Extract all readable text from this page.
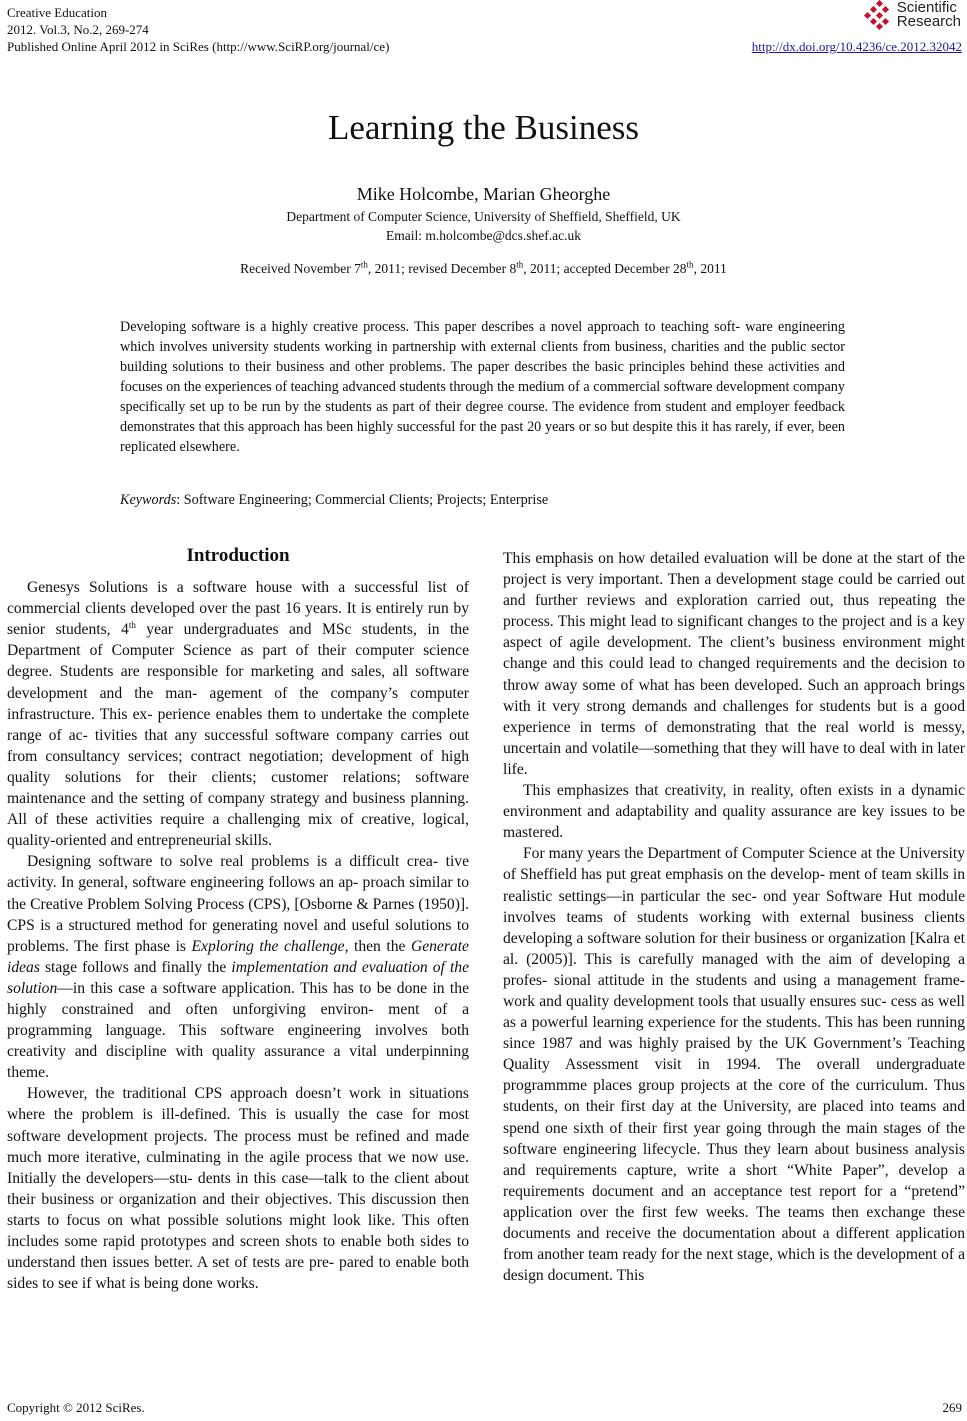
Creative Education
2012. Vol.3, No.2, 269-274
Published Online April 2012 in SciRes (http://www.SciRP.org/journal/ce)	http://dx.doi.org/10.4236/ce.2012.32042
Scientific
Research
Learning the Business
Mike Holcombe, Marian Gheorghe
Department of Computer Science, University of Sheffield, Sheffield, UK
Email: m.holcombe@dcs.shef.ac.uk
Received November 7th, 2011; revised December 8th, 2011; accepted December 28th, 2011
Developing software is a highly creative process. This paper describes a novel approach to teaching soft- ware engineering which involves university students working in partnership with external clients from business, charities and the public sector building solutions to their business and other problems. The paper describes the basic principles behind these activities and focuses on the experiences of teaching advanced students through the medium of a commercial software development company specifically set up to be run by the students as part of their degree course. The evidence from student and employer feedback demonstrates that this approach has been highly successful for the past 20 years or so but despite this it has rarely, if ever, been replicated elsewhere.
Keywords: Software Engineering; Commercial Clients; Projects; Enterprise
Introduction

Genesys Solutions is a software house with a successful list of commercial clients developed over the past 16 years. It is entirely run by senior students, 4th year undergraduates and MSc students, in the Department of Computer Science as part of their computer science degree. Students are responsible for marketing and sales, all software development and the man- agement of the company’s computer infrastructure. This ex- perience enables them to undertake the complete range of ac- tivities that any successful software company carries out from consultancy services; contract negotiation; development of high quality solutions for their clients; customer relations; software maintenance and the setting of company strategy and business planning. All of these activities require a challenging mix of creative, logical, quality-oriented and entrepreneurial skills.

Designing software to solve real problems is a difficult crea- tive activity. In general, software engineering follows an ap- proach similar to the Creative Problem Solving Process (CPS), [Osborne & Parnes (1950)]. CPS is a structured method for generating novel and useful solutions to problems. The first phase is Exploring the challenge, then the Generate ideas stage follows and finally the implementation and evaluation of the solution—in this case a software application. This has to be done in the highly constrained and often unforgiving environ- ment of a programming language. This software engineering involves both creativity and discipline with quality assurance a vital underpinning theme.

However, the traditional CPS approach doesn’t work in situations where the problem is ill-defined. This is usually the case for most software development projects. The process must be refined and made much more iterative, culminating in the agile process that we now use. Initially the developers—stu- dents in this case—talk to the client about their business or organization and their objectives. This discussion then starts to focus on what possible solutions might look like. This often includes some rapid prototypes and screen shots to enable both sides to understand then issues better. A set of tests are pre- pared to enable both sides to see if what is being done works.

This emphasis on how detailed evaluation will be done at the start of the project is very important. Then a development stage could be carried out and further reviews and exploration carried out, thus repeating the process. This might lead to significant changes to the project and is a key aspect of agile development. The client’s business environment might change and this could lead to changed requirements and the decision to throw away some of what has been developed. Such an approach brings with it very strong demands and challenges for students but is a good experience in terms of demonstrating that the real world is messy, uncertain and volatile—something that they will have to deal with in later life.

This emphasizes that creativity, in reality, often exists in a dynamic environment and adaptability and quality assurance are key issues to be mastered.

For many years the Department of Computer Science at the University of Sheffield has put great emphasis on the develop- ment of team skills in realistic settings—in particular the sec- ond year Software Hut module involves teams of students working with external business clients developing a software solution for their business or organization [Kalra et al. (2005)]. This is carefully managed with the aim of developing a profes- sional attitude in the students and using a management frame- work and quality development tools that usually ensures suc- cess as well as a powerful learning experience for the students. This has been running since 1987 and was highly praised by the UK Government’s Teaching Quality Assessment visit in 1994. The overall undergraduate programmme places group projects at the core of the curriculum. Thus students, on their first day at the University, are placed into teams and spend one sixth of their first year going through the main stages of the software engineering lifecycle. Thus they learn about business analysis and requirements capture, write a short “White Paper”, develop a requirements document and an acceptance test report for a “pretend” application over the first few weeks. The teams then exchange these documents and receive the documentation about a different application from another team ready for the next stage, which is the development of a design document. This

Copyright © 2012 SciRes.	269
